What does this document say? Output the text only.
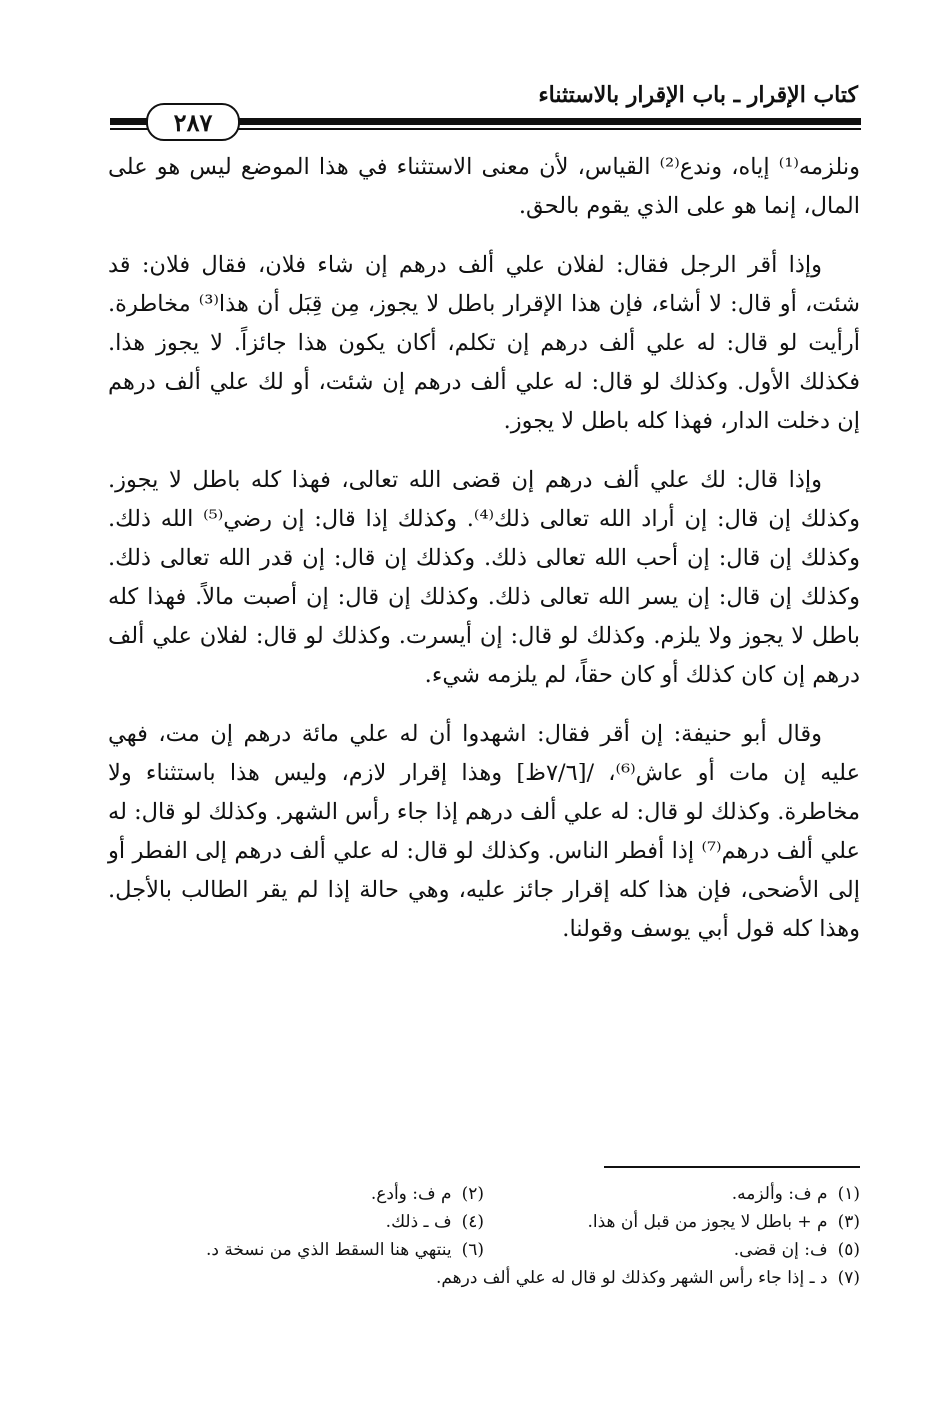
كتاب الإقرار ـ باب الإقرار بالاستثناء
٢٨٧

ونلزمه⁽¹⁾ إياه، وندع⁽²⁾ القياس، لأن معنى الاستثناء في هذا الموضع ليس هو على المال، إنما هو على الذي يقوم بالحق.

وإذا أقر الرجل فقال: لفلان علي ألف درهم إن شاء فلان، فقال فلان: قد شئت، أو قال: لا أشاء، فإن هذا الإقرار باطل لا يجوز، مِن قِبَل أن هذا⁽³⁾ مخاطرة. أرأيت لو قال: له علي ألف درهم إن تكلم، أكان يكون هذا جائزاً. لا يجوز هذا. فكذلك الأول. وكذلك لو قال: له علي ألف درهم إن شئت، أو لك علي ألف درهم إن دخلت الدار، فهذا كله باطل لا يجوز.

وإذا قال: لك علي ألف درهم إن قضى الله تعالى، فهذا كله باطل لا يجوز. وكذلك إن قال: إن أراد الله تعالى ذلك⁽⁴⁾. وكذلك إذا قال: إن رضي⁽⁵⁾ الله ذلك. وكذلك إن قال: إن أحب الله تعالى ذلك. وكذلك إن قال: إن قدر الله تعالى ذلك. وكذلك إن قال: إن يسر الله تعالى ذلك. وكذلك إن قال: إن أصبت مالاً. فهذا كله باطل لا يجوز ولا يلزم. وكذلك لو قال: إن أيسرت. وكذلك لو قال: لفلان علي ألف درهم إن كان كذلك أو كان حقاً، لم يلزمه شيء.

وقال أبو حنيفة: إن أقر فقال: اشهدوا أن له علي مائة درهم إن مت، فهي عليه إن مات أو عاش⁽⁶⁾، /[٧/٦ظ] وهذا إقرار لازم، وليس هذا باستثناء ولا مخاطرة. وكذلك لو قال: له علي ألف درهم إذا جاء رأس الشهر. وكذلك لو قال: له علي ألف درهم⁽⁷⁾ إذا أفطر الناس. وكذلك لو قال: له علي ألف درهم إلى الفطر أو إلى الأضحى، فإن هذا كله إقرار جائز عليه، وهي حالة إذا لم يقر الطالب بالأجل. وهذا كله قول أبي يوسف وقولنا.

(١)م ف: وألزمه.
(٢)م ف: وأدع.
(٣)م + باطل لا يجوز من قبل أن هذا.
(٤)ف ـ ذلك.
(٥)ف: إن قضى.
(٦)ينتهي هنا السقط الذي من نسخة د.
(٧)د ـ إذا جاء رأس الشهر وكذلك لو قال له علي ألف درهم.
